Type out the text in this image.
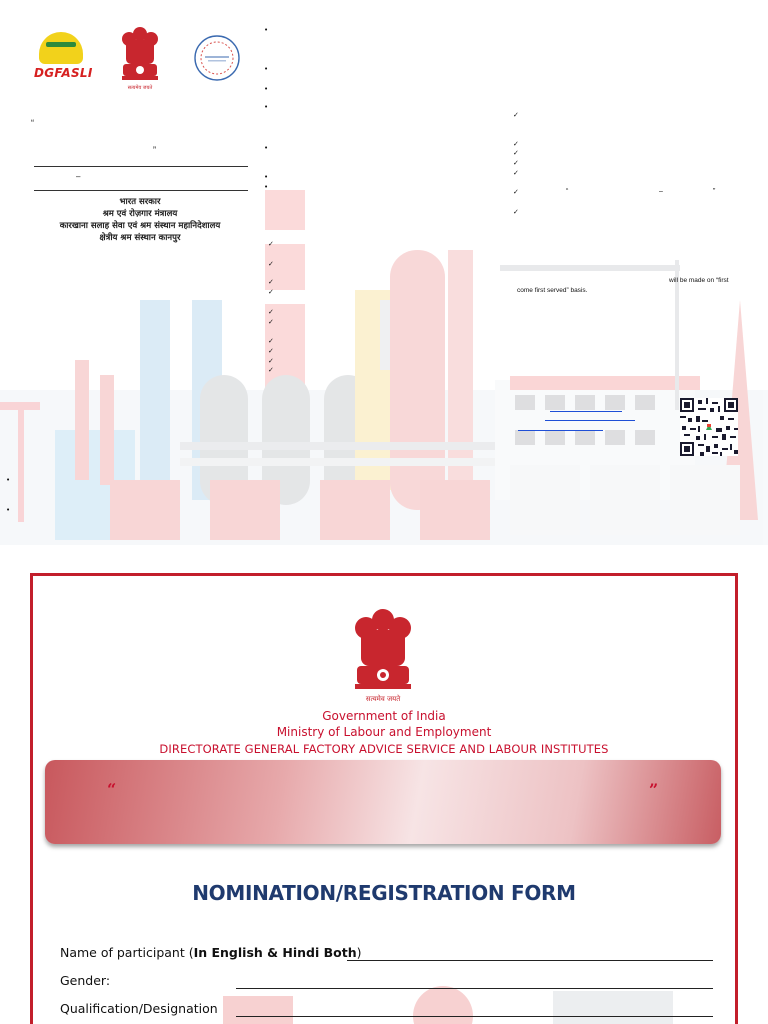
DGFASLI
सत्यमेव जयते
“
”
–
भारत सरकार
श्रम एवं रोज़गार मंत्रालय
कारखाना सलाह सेवा एवं श्रम संस्थान महानिदेशालय
क्षेत्रीय श्रम संस्थान कानपुर
•
•
•
•
•
•
•
✓
✓
✓
✓
✓
✓
✓
✓
✓
✓
✓
✓
✓
✓
✓
✓
✓
“	–	”
will be made on “first
come first served” basis.
•
•
सत्यमेव जयते
Government of India
Ministry of Labour and Employment
DIRECTORATE GENERAL FACTORY ADVICE SERVICE AND LABOUR INSTITUTES
“	”
NOMINATION/REGISTRATION FORM
Name of participant (In English & Hindi Both)
Gender:
Qualification/Designation
